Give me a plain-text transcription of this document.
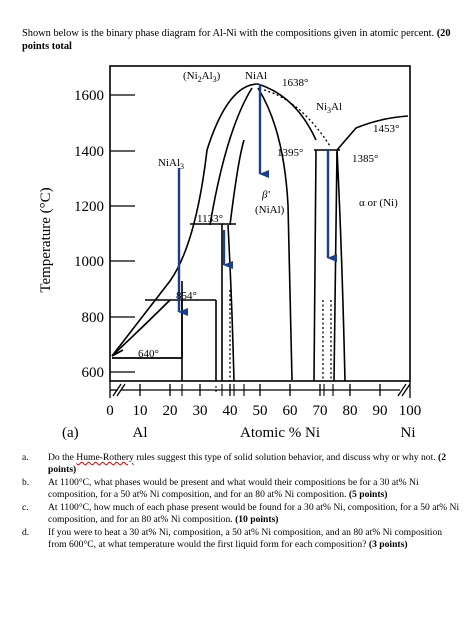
Shown below is the binary phase diagram for Al-Ni with the compositions given in atomic percent. (20 points total
1600
1400
1200
1000
800
600
Temperature (°C)
0 10 20 30 40 50 60 70 80 90 100
(a)	Al	Atomic % Ni	Ni
$(Ni_2Al_3)$ NiAl
1638°
$Ni_3Al$
1453°
1395°	1385°
NiAl$_3$
β'
(NiAl)
α or (Ni)
1133°
854°
640°
a. Do the Hume-Rothery rules suggest this type of solid solution behavior, and discuss why or why not. (2 points)
b. At 1100°C, what phases would be present and what would their compositions be for a 30 at% Ni composition, for a 50 at% Ni composition, and for an 80 at% Ni composition. (5 points)
c. At 1100°C, how much of each phase present would be found for a 30 at% Ni, composition, for a 50 at% Ni composition, and for an 80 at% Ni composition. (10 points)
d. If you were to heat a 30 at% Ni, composition, a 50 at% Ni composition, and an 80 at% Ni composition from 600°C, at what temperature would the first liquid form for each composition? (3 points)
